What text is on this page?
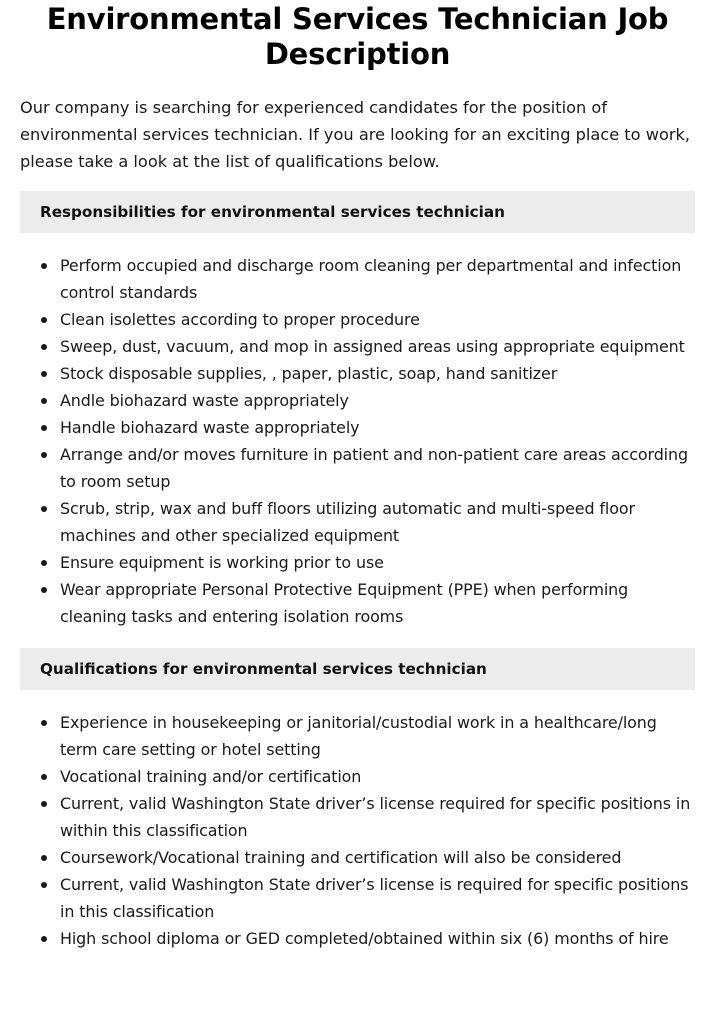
Environmental Services Technician Job Description

Our company is searching for experienced candidates for the position of environmental services technician. If you are looking for an exciting place to work, please take a look at the list of qualifications below.

Responsibilities for environmental services technician
Perform occupied and discharge room cleaning per departmental and infection control standards
Clean isolettes according to proper procedure
Sweep, dust, vacuum, and mop in assigned areas using appropriate equipment
Stock disposable supplies, , paper, plastic, soap, hand sanitizer
Andle biohazard waste appropriately
Handle biohazard waste appropriately
Arrange and/or moves furniture in patient and non-patient care areas according to room setup
Scrub, strip, wax and buff floors utilizing automatic and multi-speed floor machines and other specialized equipment
Ensure equipment is working prior to use
Wear appropriate Personal Protective Equipment (PPE) when performing cleaning tasks and entering isolation rooms
Qualifications for environmental services technician
Experience in housekeeping or janitorial/custodial work in a healthcare/long term care setting or hotel setting
Vocational training and/or certification
Current, valid Washington State driver’s license required for specific positions in within this classification
Coursework/Vocational training and certification will also be considered
Current, valid Washington State driver’s license is required for specific positions in this classification
High school diploma or GED completed/obtained within six (6) months of hire
